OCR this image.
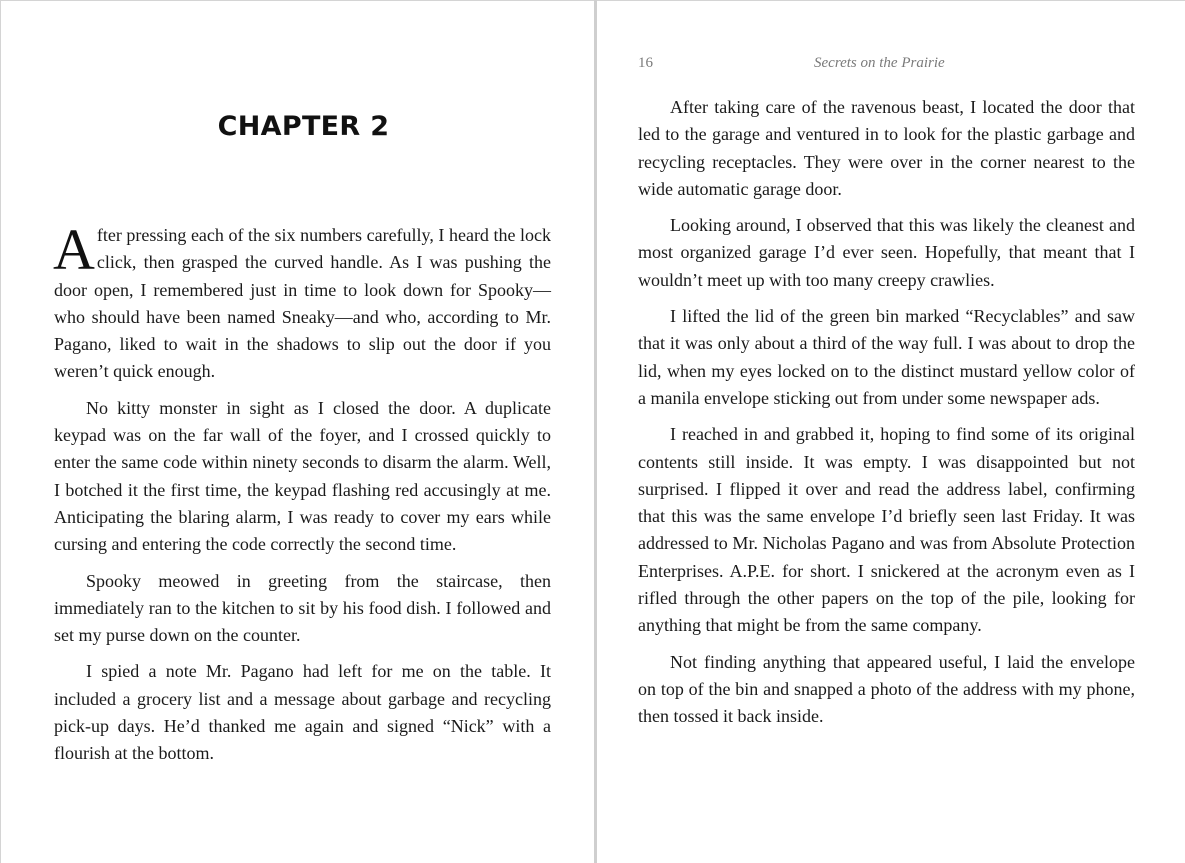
CHAPTER 2
16	Secrets on the Prairie

After pressing each of the six numbers carefully, I heard the lock click, then grasped the curved handle. As I was pushing the door open, I remembered just in time to look down for Spooky—who should have been named Sneaky—and who, according to Mr. Pagano, liked to wait in the shadows to slip out the door if you weren’t quick enough.

No kitty monster in sight as I closed the door. A duplicate keypad was on the far wall of the foyer, and I crossed quickly to enter the same code within ninety seconds to disarm the alarm. Well, I botched it the first time, the keypad flashing red accusingly at me. Anticipating the blaring alarm, I was ready to cover my ears while cursing and entering the code correctly the second time.

Spooky meowed in greeting from the staircase, then immediately ran to the kitchen to sit by his food dish. I followed and set my purse down on the counter.

I spied a note Mr. Pagano had left for me on the table. It included a grocery list and a message about garbage and recycling pick-up days. He’d thanked me again and signed “Nick” with a flourish at the bottom.

After taking care of the ravenous beast, I located the door that led to the garage and ventured in to look for the plastic garbage and recycling receptacles. They were over in the corner nearest to the wide automatic garage door.

Looking around, I observed that this was likely the cleanest and most organized garage I’d ever seen. Hopefully, that meant that I wouldn’t meet up with too many creepy crawlies.

I lifted the lid of the green bin marked “Recyclables” and saw that it was only about a third of the way full. I was about to drop the lid, when my eyes locked on to the distinct mustard yellow color of a manila envelope sticking out from under some newspaper ads.

I reached in and grabbed it, hoping to find some of its original contents still inside. It was empty. I was disappointed but not surprised. I flipped it over and read the address label, confirming that this was the same envelope I’d briefly seen last Friday. It was addressed to Mr. Nicholas Pagano and was from Absolute Protection Enterprises. A.P.E. for short. I snickered at the acronym even as I rifled through the other papers on the top of the pile, looking for anything that might be from the same company.

Not finding anything that appeared useful, I laid the envelope on top of the bin and snapped a photo of the address with my phone, then tossed it back inside.
